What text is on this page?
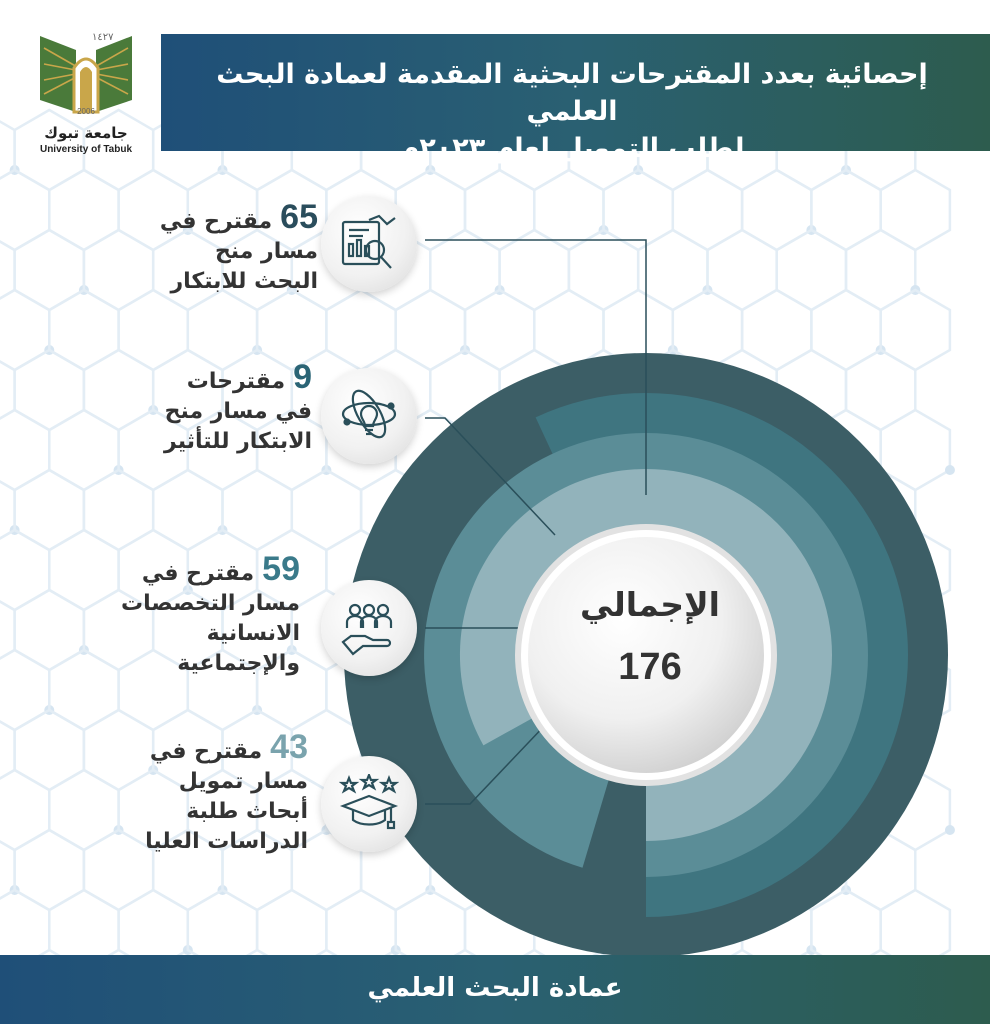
١٤٢٧
2006
جامعة تبوك
University of Tabuk
إحصائية بعدد المقترحات البحثية المقدمة لعمادة البحث العلمي
لطلب التمويل لعام ٢٠٢٣م
الإجمالي
176
65مقترح في
مسار منح
البحث للابتكار
9مقترحات
في مسار منح
الابتكار للتأثير
59مقترح في
مسار التخصصات
الانسانية
والإجتماعية
43مقترح في
مسار تمويل
أبحاث طلبة
الدراسات العليا
عمادة البحث العلمي
